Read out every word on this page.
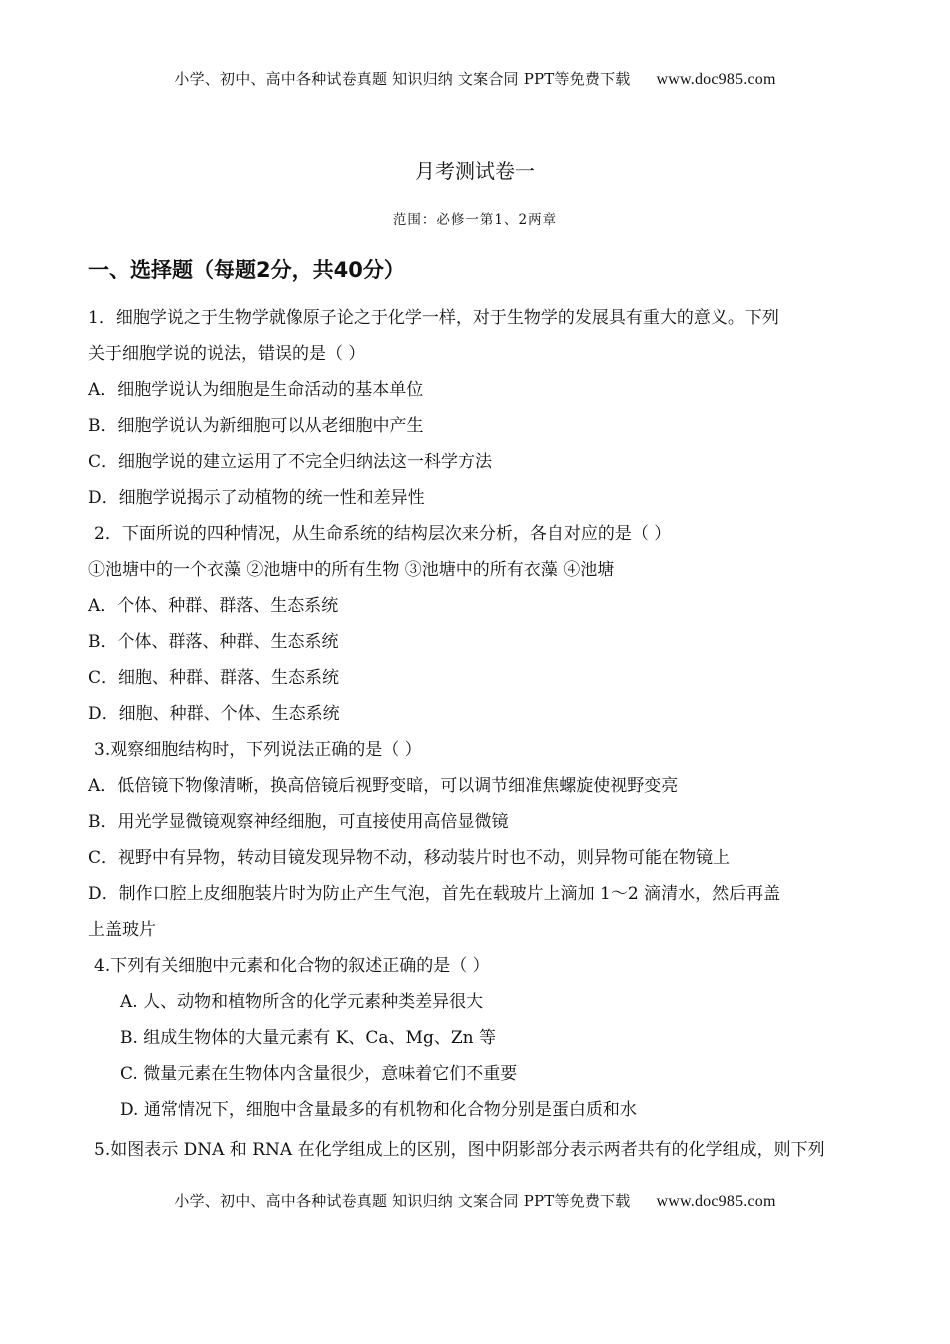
小学、初中、高中各种试卷真题 知识归纳 文案合同 PPT等免费下载 www.doc985.com
月考测试卷一
范围：必修一第1、2两章
一、选择题（每题2分，共40分）
1．细胞学说之于生物学就像原子论之于化学一样，对于生物学的发展具有重大的意义。下列
关于细胞学说的说法，错误的是（ ）
A．细胞学说认为细胞是生命活动的基本单位
B．细胞学说认为新细胞可以从老细胞中产生
C．细胞学说的建立运用了不完全归纳法这一科学方法
D．细胞学说揭示了动植物的统一性和差异性
2．下面所说的四种情况，从生命系统的结构层次来分析，各自对应的是（ ）
①池塘中的一个衣藻 ②池塘中的所有生物 ③池塘中的所有衣藻 ④池塘
A．个体、种群、群落、生态系统
B．个体、群落、种群、生态系统
C．细胞、种群、群落、生态系统
D．细胞、种群、个体、生态系统
3.观察细胞结构时，下列说法正确的是（ ）
A．低倍镜下物像清晰，换高倍镜后视野变暗，可以调节细准焦螺旋使视野变亮
B．用光学显微镜观察神经细胞，可直接使用高倍显微镜
C．视野中有异物，转动目镜发现异物不动，移动装片时也不动，则异物可能在物镜上
D．制作口腔上皮细胞装片时为防止产生气泡，首先在载玻片上滴加 1～2 滴清水，然后再盖
上盖玻片
4.下列有关细胞中元素和化合物的叙述正确的是（ ）
A. 人、动物和植物所含的化学元素种类差异很大
B. 组成生物体的大量元素有 K、Ca、Mg、Zn 等
C. 微量元素在生物体内含量很少，意味着它们不重要
D. 通常情况下，细胞中含量最多的有机物和化合物分别是蛋白质和水
5.如图表示 DNA 和 RNA 在化学组成上的区别，图中阴影部分表示两者共有的化学组成，则下列
小学、初中、高中各种试卷真题 知识归纳 文案合同 PPT等免费下载 www.doc985.com
